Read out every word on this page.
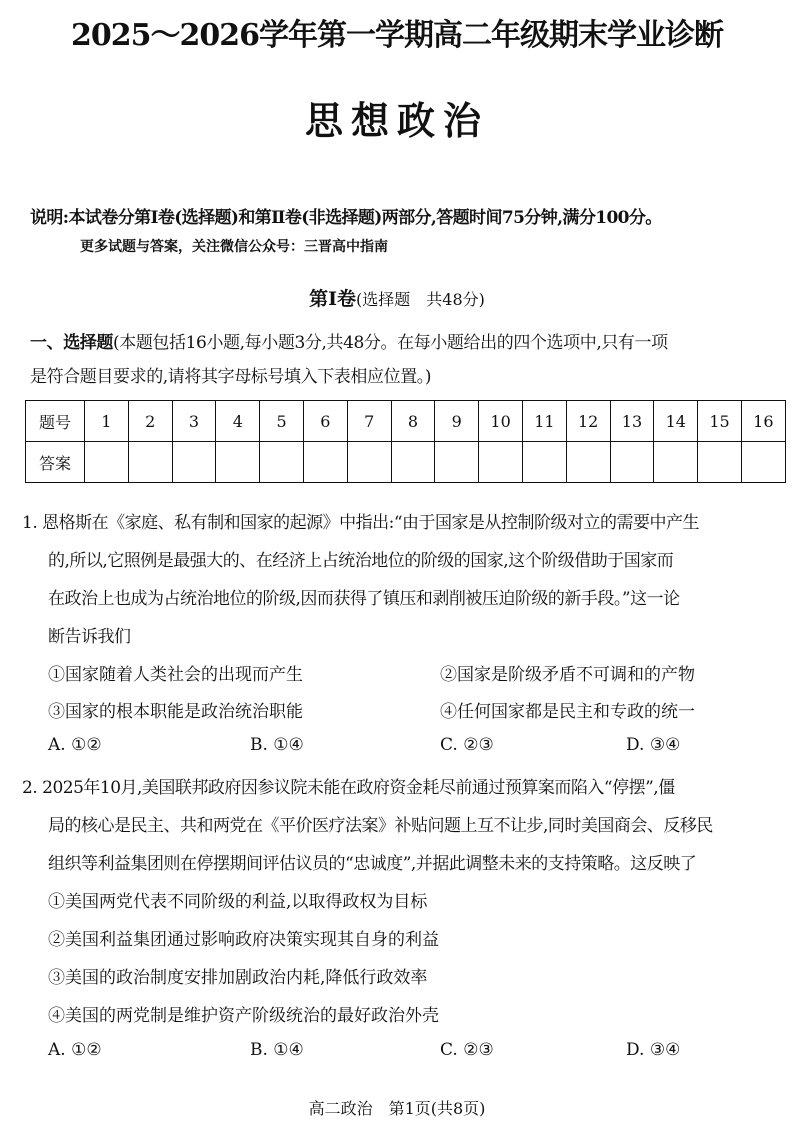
2025～2026学年第一学期高二年级期末学业诊断
思想政治
说明:本试卷分第Ⅰ卷(选择题)和第Ⅱ卷(非选择题)两部分,答题时间75分钟,满分100分。
更多试题与答案，关注微信公众号：三晋高中指南
第Ⅰ卷(选择题　共48分)
一、选择题(本题包括16小题,每小题3分,共48分。在每小题给出的四个选项中,只有一项
是符合题目要求的,请将其字母标号填入下表相应位置。)
题号	1	2	3	4	5	6	7	8	9	10	11	12	13	14	15	16
答案																
1. 恩格斯在《家庭、私有制和国家的起源》中指出:“由于国家是从控制阶级对立的需要中产生
的,所以,它照例是最强大的、在经济上占统治地位的阶级的国家,这个阶级借助于国家而
在政治上也成为占统治地位的阶级,因而获得了镇压和剥削被压迫阶级的新手段。”这一论
断告诉我们
①国家随着人类社会的出现而产生	②国家是阶级矛盾不可调和的产物
③国家的根本职能是政治统治职能	④任何国家都是民主和专政的统一
A. ①②	B. ①④	C. ②③	D. ③④
2. 2025年10月,美国联邦政府因参议院未能在政府资金耗尽前通过预算案而陷入“停摆”,僵
局的核心是民主、共和两党在《平价医疗法案》补贴问题上互不让步,同时美国商会、反移民
组织等利益集团则在停摆期间评估议员的“忠诚度”,并据此调整未来的支持策略。这反映了
①美国两党代表不同阶级的利益,以取得政权为目标
②美国利益集团通过影响政府决策实现其自身的利益
③美国的政治制度安排加剧政治内耗,降低行政效率
④美国的两党制是维护资产阶级统治的最好政治外壳
A. ①②	B. ①④	C. ②③	D. ③④
高二政治　第1页(共8页)
